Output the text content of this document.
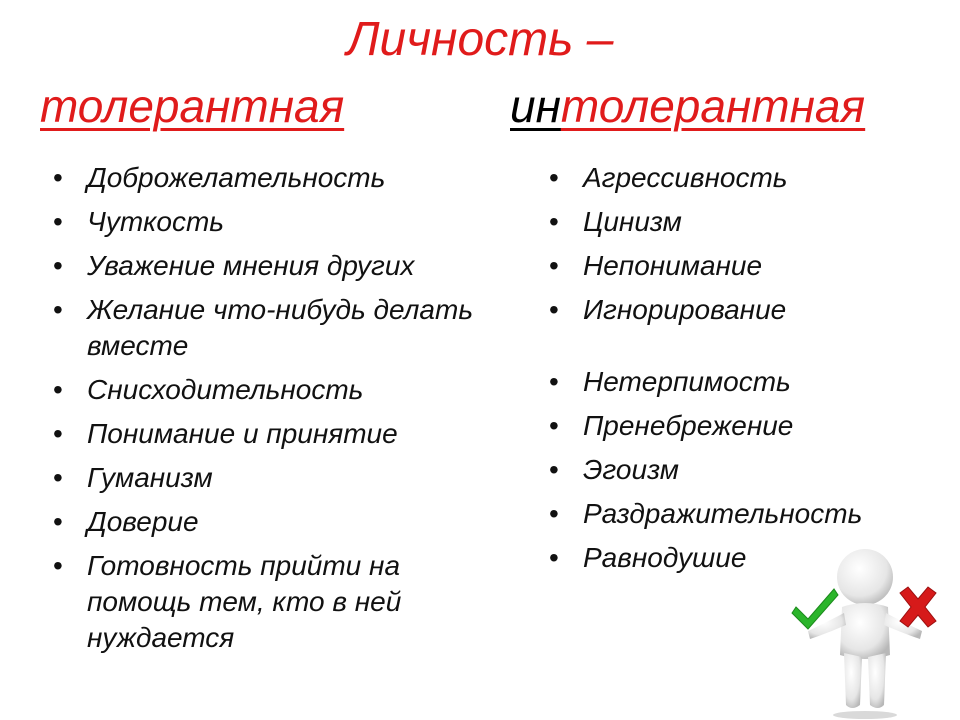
Личность –
толерантная	интолерантная
• Доброжелательность
• Чуткость
• Уважение мнения других
• Желание что-нибудь делать вместе
• Снисходительность
• Понимание и принятие
• Гуманизм
• Доверие
• Готовность прийти на помощь тем, кто в ней нуждается
• Агрессивность
• Цинизм
• Непонимание
• Игнорирование
• Нетерпимость
• Пренебрежение
• Эгоизм
• Раздражительность
• Равнодушие
